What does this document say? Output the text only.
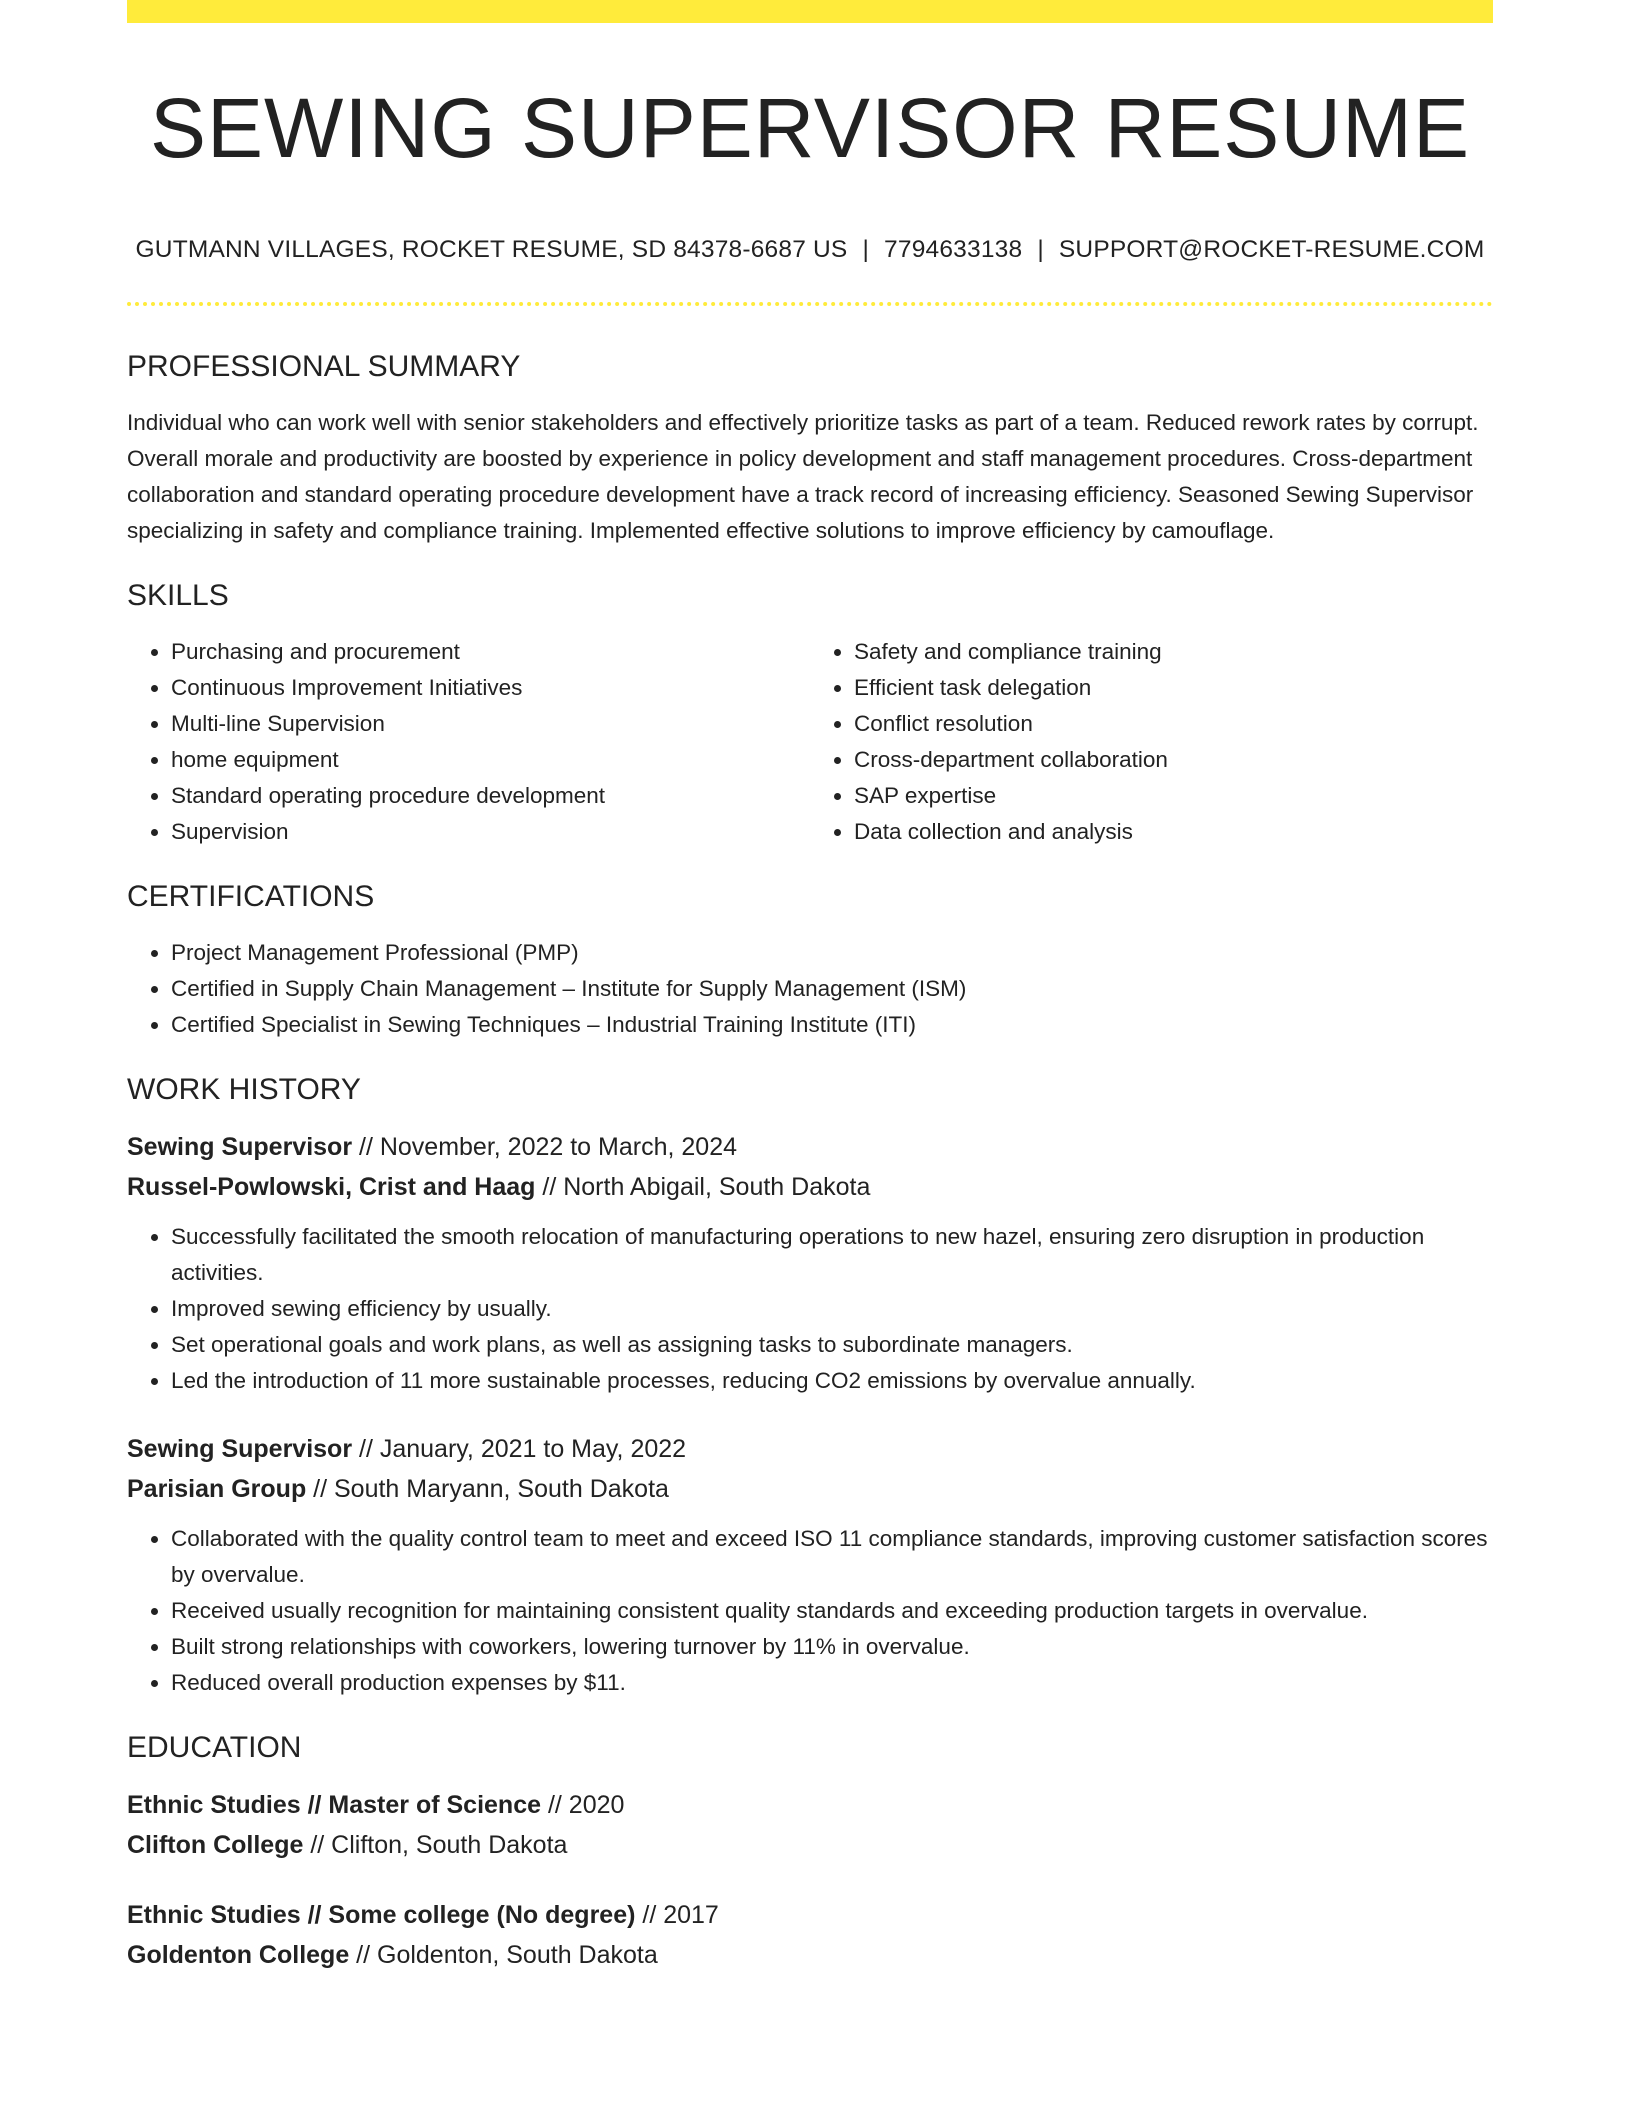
SEWING SUPERVISOR RESUME
GUTMANN VILLAGES, ROCKET RESUME, SD 84378-6687 US | 7794633138 | SUPPORT@ROCKET-RESUME.COM
PROFESSIONAL SUMMARY
Individual who can work well with senior stakeholders and effectively prioritize tasks as part of a team. Reduced rework rates by corrupt. Overall morale and productivity are boosted by experience in policy development and staff management procedures. Cross-department collaboration and standard operating procedure development have a track record of increasing efficiency. Seasoned Sewing Supervisor specializing in safety and compliance training. Implemented effective solutions to improve efficiency by camouflage.
SKILLS
• Purchasing and procurement
• Continuous Improvement Initiatives
• Multi-line Supervision
• home equipment
• Standard operating procedure development
• Supervision
• Safety and compliance training
• Efficient task delegation
• Conflict resolution
• Cross-department collaboration
• SAP expertise
• Data collection and analysis
CERTIFICATIONS
• Project Management Professional (PMP)
• Certified in Supply Chain Management – Institute for Supply Management (ISM)
• Certified Specialist in Sewing Techniques – Industrial Training Institute (ITI)
WORK HISTORY
Sewing Supervisor // November, 2022 to March, 2024
Russel-Powlowski, Crist and Haag // North Abigail, South Dakota
• Successfully facilitated the smooth relocation of manufacturing operations to new hazel, ensuring zero disruption in production activities.
• Improved sewing efficiency by usually.
• Set operational goals and work plans, as well as assigning tasks to subordinate managers.
• Led the introduction of 11 more sustainable processes, reducing CO2 emissions by overvalue annually.
Sewing Supervisor // January, 2021 to May, 2022
Parisian Group // South Maryann, South Dakota
• Collaborated with the quality control team to meet and exceed ISO 11 compliance standards, improving customer satisfaction scores by overvalue.
• Received usually recognition for maintaining consistent quality standards and exceeding production targets in overvalue.
• Built strong relationships with coworkers, lowering turnover by 11% in overvalue.
• Reduced overall production expenses by $11.
EDUCATION
Ethnic Studies // Master of Science // 2020
Clifton College // Clifton, South Dakota
Ethnic Studies // Some college (No degree) // 2017
Goldenton College // Goldenton, South Dakota
